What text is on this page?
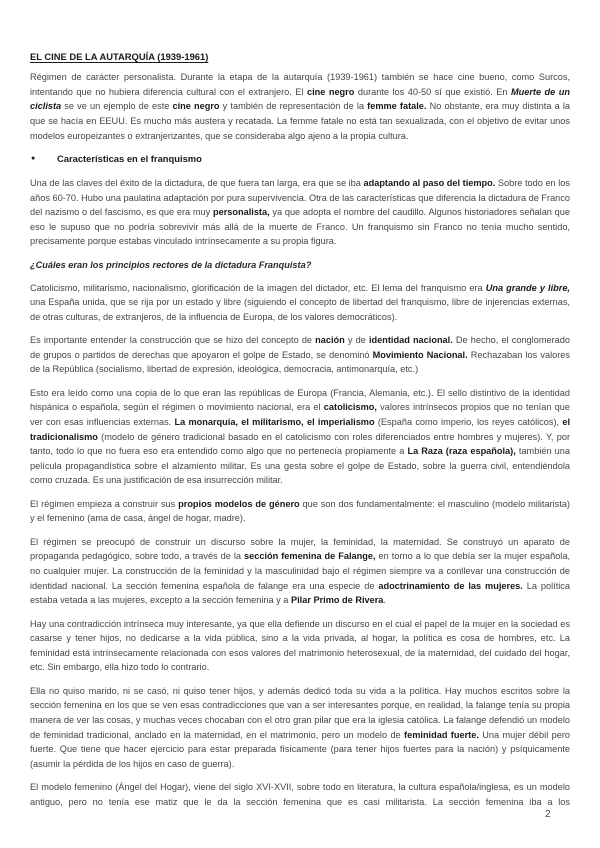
EL CINE DE LA AUTARQUÍA (1939-1961)

Régimen de carácter personalista. Durante la etapa de la autarquía (1939-1961) también se hace cine bueno, como Surcos, intentando que no hubiera diferencia cultural con el extranjero. El cine negro durante los 40-50 sí que existió. En Muerte de un ciclista se ve un ejemplo de este cine negro y también de representación de la femme fatale. No obstante, era muy distinta a la que se hacía en EEUU. Es mucho más austera y recatada. La femme fatale no está tan sexualizada, con el objetivo de evitar unos modelos europeizantes o extranjerizantes, que se consideraba algo ajeno a la propia cultura.

● Características en el franquismo

Una de las claves del éxito de la dictadura, de que fuera tan larga, era que se iba adaptando al paso del tiempo. Sobre todo en los años 60-70. Hubo una paulatina adaptación por pura supervivencia. Otra de las características que diferencia la dictadura de Franco del nazismo o del fascismo, es que era muy personalista, ya que adopta el nombre del caudillo. Algunos historiadores señalan que eso le supuso que no podría sobrevivir más allá de la muerte de Franco. Un franquismo sin Franco no tenía mucho sentido, precisamente porque estabas vinculado intrínsecamente a su propia figura.

¿Cuáles eran los principios rectores de la dictadura Franquista?

Catolicismo, militarismo, nacionalismo, glorificación de la imagen del dictador, etc. El lema del franquismo era Una grande y libre, una España unida, que se rija por un estado y libre (siguiendo el concepto de libertad del franquismo, libre de injerencias externas, de otras culturas, de extranjeros, de la influencia de Europa, de los valores democráticos).

Es importante entender la construcción que se hizo del concepto de nación y de identidad nacional. De hecho, el conglomerado de grupos o partidos de derechas que apoyaron el golpe de Estado, se denominó Movimiento Nacional. Rechazaban los valores de la República (socialismo, libertad de expresión, ideológica, democracia, antimonarquía, etc.)

Esto era leído como una copia de lo que eran las repúblicas de Europa (Francia, Alemania, etc.). El sello distintivo de la identidad hispánica o española, según el régimen o movimiento nacional, era el catolicismo, valores intrínsecos propios que no tenían que ver con esas influencias externas. La monarquía, el militarismo, el imperialismo (España como imperio, los reyes católicos), el tradicionalismo (modelo de género tradicional basado en el catolicismo con roles diferenciados entre hombres y mujeres). Y, por tanto, todo lo que no fuera eso era entendido como algo que no pertenecía propiamente a La Raza (raza española), también una película propagandística sobre el alzamiento militar. Es una gesta sobre el golpe de Estado, sobre la guerra civil, entendiéndola como cruzada. Es una justificación de esa insurrección militar.

El régimen empieza a construir sus propios modelos de género que son dos fundamentalmente: el masculino (modelo militarista) y el femenino (ama de casa, ángel de hogar, madre).

El régimen se preocupó de construir un discurso sobre la mujer, la feminidad, la maternidad. Se construyó un aparato de propaganda pedagógico, sobre todo, a través de la sección femenina de Falange, en torno a lo que debía ser la mujer española, no cualquier mujer. La construcción de la feminidad y la masculinidad bajo el régimen siempre va a conllevar una construcción de identidad nacional. La sección femenina española de falange era una especie de adoctrinamiento de las mujeres. La política estaba vetada a las mujeres, excepto a la sección femenina y a Pilar Primo de Rivera.

Hay una contradicción intrínseca muy interesante, ya que ella defiende un discurso en el cual el papel de la mujer en la sociedad es casarse y tener hijos, no dedicarse a la vida pública, sino a la vida privada, al hogar, la política es cosa de hombres, etc. La feminidad está intrínsecamente relacionada con esos valores del matrimonio heterosexual, de la maternidad, del cuidado del hogar, etc. Sin embargo, ella hizo todo lo contrario.

Ella no quiso marido, ni se casó, ni quiso tener hijos, y además dedicó toda su vida a la política. Hay muchos escritos sobre la sección femenina en los que se ven esas contradicciones que van a ser interesantes porque, en realidad, la falange tenía su propia manera de ver las cosas, y muchas veces chocaban con el otro gran pilar que era la iglesia católica. La falange defendió un modelo de feminidad tradicional, anclado en la maternidad, en el matrimonio, pero un modelo de feminidad fuerte. Una mujer débil pero fuerte. Que tiene que hacer ejercicio para estar preparada físicamente (para tener hijos fuertes para la nación) y psíquicamente (asumir la pérdida de los hijos en caso de guerra).

El modelo femenino (Ángel del Hogar), viene del siglo XVI-XVII, sobre todo en literatura, la cultura española/inglesa, es un modelo antiguo, pero no tenía ese matiz que le da la sección femenina que es casi militarista. La sección femenina iba a los

2
